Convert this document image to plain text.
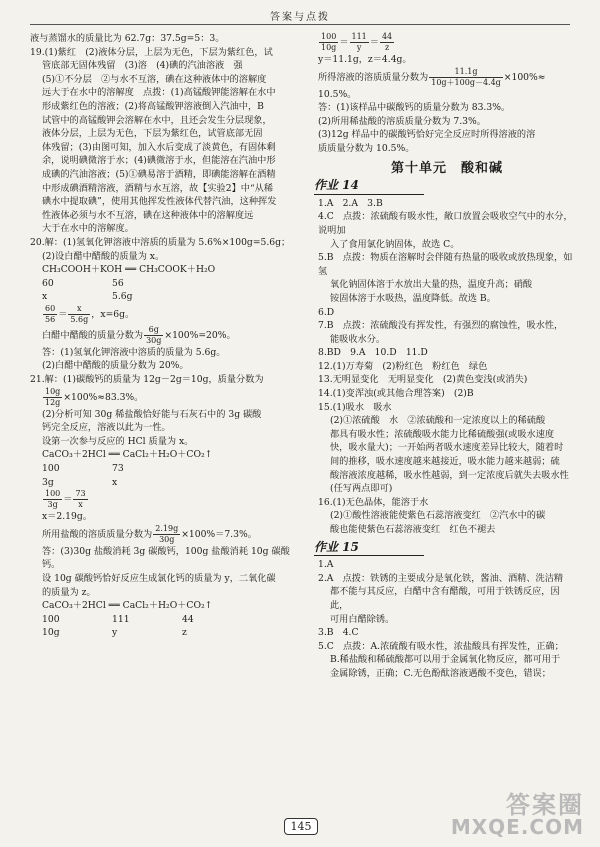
答案与点拨

液与蒸馏水的质量比为 62.7g：37.5g=5：3。

19.(1)紫红　(2)液体分层，上层为无色，下层为紫红色，试

管底部无固体残留　(3)溶　(4)碘的汽油溶液　强

(5)①不分层　②与水不互溶，碘在这种液体中的溶解度

远大于在水中的溶解度　点拨：(1)高锰酸钾能溶解在水中

形成紫红色的溶液；(2)将高锰酸钾溶液倒入汽油中，B

试管中的高锰酸钾会溶解在水中，且还会发生分层现象，

液体分层，上层为无色，下层为紫红色，试管底部无固

体残留；(3)由图可知，加入水后变成了淡黄色，有固体剩

余，说明碘微溶于水；(4)碘微溶于水，但能溶在汽油中形

成碘的汽油溶液；(5)①碘易溶于酒精，即碘能溶解在酒精

中形成碘酒精溶液，酒精与水互溶，故【实验2】中“从稀

碘水中提取碘”，使用其他挥发性液体代替汽油，这种挥发

性液体必须与水不互溶，碘在这种液体中的溶解度远

大于在水中的溶解度。

20.解：(1)氢氧化钾溶液中溶质的质量为 5.6%×100g=5.6g；

(2)设白醋中醋酸的质量为 x。

CH₃COOH＋KOH ══ CH₃COOK＋H₂O

60	56
x	5.6g
$\frac{60}{56} = \frac{x}{5.6g}$ ，x=6g。
白醋中醋酸的质量分数为 $\frac{6g}{30g} \times 100\%=20\%$。

答：(1)氢氧化钾溶液中溶质的质量为 5.6g。

(2)白醋中醋酸的质量分数为 20%。

21.解：(1)碳酸钙的质量为 12g－2g＝10g，质量分数为

$\frac{10g}{12g} \times 100\%\approx 83.3\%$。

(2)分析可知 30g 稀盐酸恰好能与石灰石中的 3g 碳酸

钙完全反应，溶液以此为一性。

设第一次参与反应的 HCl 质量为 x。

CaCO₃＋2HCl ══ CaCl₂＋H₂O＋CO₂↑

100	73
3g	x
$\frac{100}{3g} = \frac{73}{x}$

x＝2.19g。

所用盐酸的溶质质量分数为 $\frac{2.19g}{30g} \times 100\%=7.3\%$。

答：(3)30g 盐酸消耗 3g 碳酸钙，100g 盐酸消耗 10g 碳酸钙。

设 10g 碳酸钙恰好反应生成氯化钙的质量为 y，二氧化碳

的质量为 z。

CaCO₃＋2HCl ══ CaCl₂＋H₂O＋CO₂↑

100	111	44
10g	y	z
$\frac{100}{10g} = \frac{111}{y} = \frac{44}{z}$

y＝11.1g，z＝4.4g。

所得溶液的溶质质量分数为 $\frac{11.1g}{10g+100g-4.4g} \times 100\%\approx$

10.5%。

答：(1)该样品中碳酸钙的质量分数为 83.3%。

(2)所用稀盐酸的溶质质量分数为 7.3%。

(3)12g 样品中的碳酸钙恰好完全反应时所得溶液的溶

质质量分数为 10.5%。

第十单元　酸和碱
作业 14

1.A　2.A　3.B

4.C　点拨：浓硫酸有吸水性，敞口放置会吸收空气中的水分，说明加

入了食用氯化钠固体，故选 C。

5.B　点拨：物质在溶解时会伴随有热量的吸收或放热现象，如氢

氧化钠固体溶于水放出大量的热，温度升高；硝酸

铵固体溶于水吸热，温度降低。故选 B。

6.D

7.B　点拨：浓硫酸没有挥发性，有强烈的腐蚀性，吸水性，

能吸收水分。

8.BD　9.A　10.D　11.D

12.(1)万寿菊　(2)粉红色　粉红色　绿色

13.无明显变化　无明显变化　(2)黄色变浅(或消失)

14.(1)变浑浊(或其他合理答案)　(2)B

15.(1)吸水　吸水

(2)①浓硫酸　水　②浓硫酸和一定浓度以上的稀硫酸

都具有吸水性；浓硫酸吸水能力比稀硫酸强(或吸水速度

快，吸水量大)；一开始两者吸水速度差异比较大，随着时

间的推移，吸水速度越来越接近，吸水能力越来越弱；硫

酸溶液浓度越稀，吸水性越弱，到一定浓度后就失去吸水性

(任写两点即可)

16.(1)无色晶体，能溶于水

(2)①酸性溶液能使紫色石蕊溶液变红　②汽水中的碳

酸也能使紫色石蕊溶液变红　红色不褪去

作业 15

1.A

2.A　点拨：铁锈的主要成分是氧化铁，酱油、酒精、洗洁精

都不能与其反应，白醋中含有醋酸，可用于铁锈反应，因此，

可用白醋除锈。

3.B　4.C

5.C　点拨：A.浓硫酸有吸水性，浓盐酸具有挥发性，正确；

B.稀盐酸和稀硫酸都可以用于金属氧化物反应，都可用于

金属除锈，正确；C.无色酚酞溶液遇酸不变色，错误；

145
答案圈
MXQE.COM
